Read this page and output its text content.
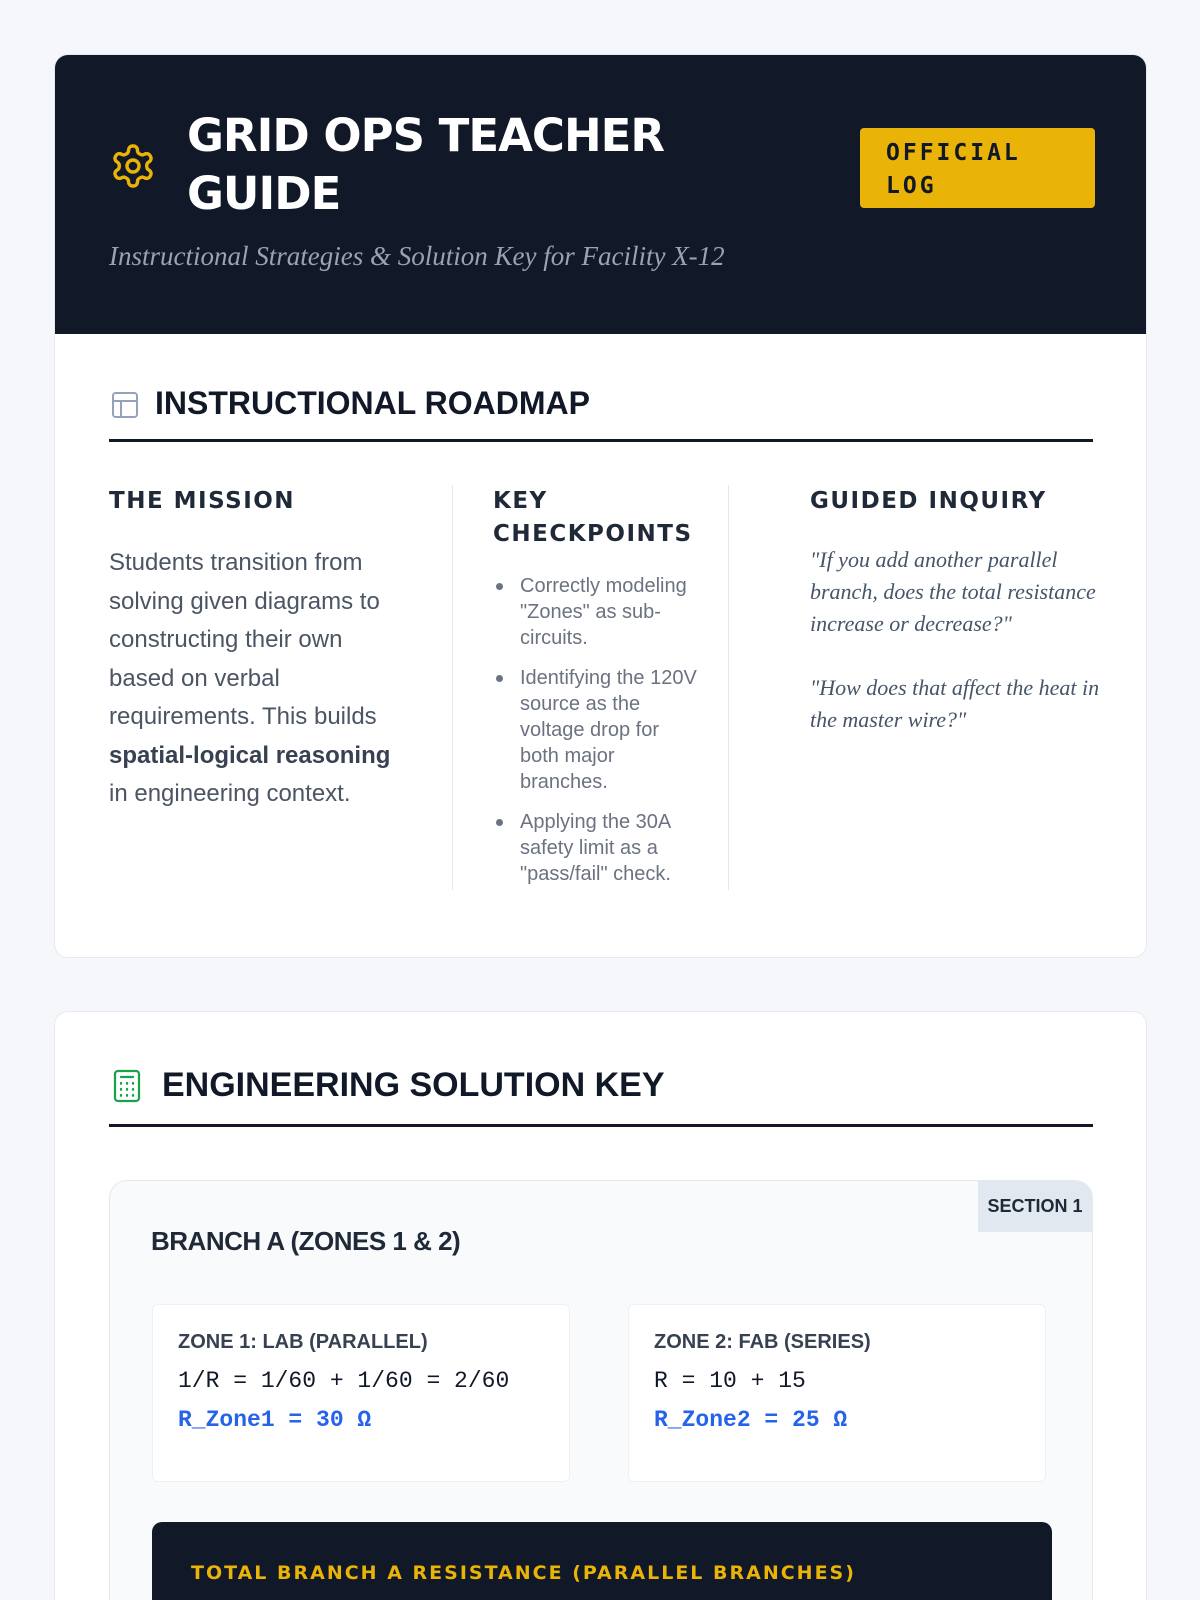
GRID OPS TEACHER GUIDE
OFFICIAL LOG
Instructional Strategies & Solution Key for Facility X-12
INSTRUCTIONAL ROADMAP
THE MISSION

Students transition from solving given diagrams to constructing their own based on verbal requirements. This builds spatial-logical reasoning in engineering context.

KEY CHECKPOINTS
Correctly modeling "Zones" as sub-circuits.
Identifying the 120V source as the voltage drop for both major branches.
Applying the 30A safety limit as a "pass/fail" check.
GUIDED INQUIRY

"If you add another parallel branch, does the total resistance increase or decrease?"

"How does that affect the heat in the master wire?"

ENGINEERING SOLUTION KEY
SECTION 1
BRANCH A (ZONES 1 & 2)
ZONE 1: LAB (PARALLEL)
1/R = 1/60 + 1/60 = 2/60
R_Zone1 = 30 Ω
ZONE 2: FAB (SERIES)
R = 10 + 15
R_Zone2 = 25 Ω
TOTAL BRANCH A RESISTANCE (PARALLEL BRANCHES)
